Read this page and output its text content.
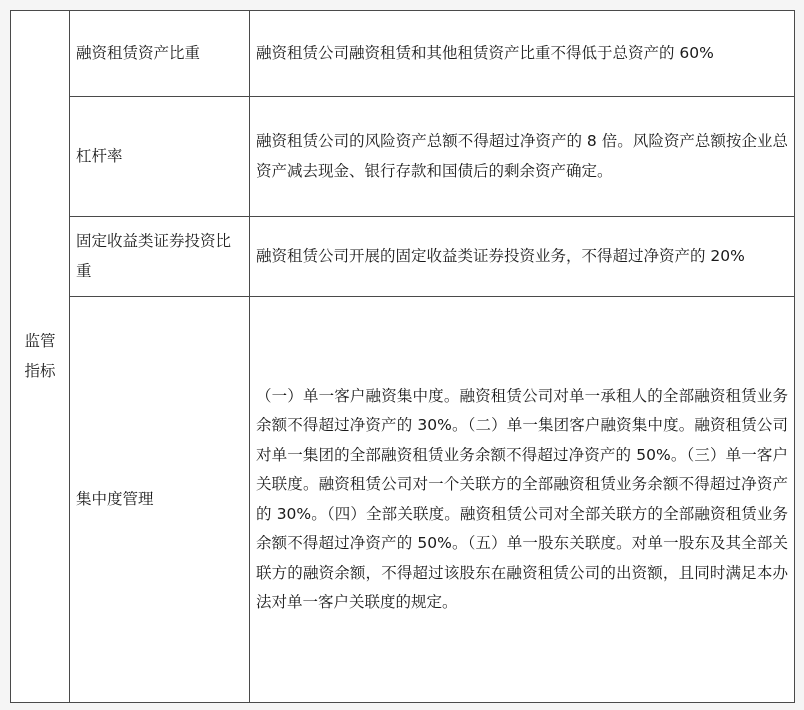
监管
指标	融资租赁资产比重	融资租赁公司融资租赁和其他租赁资产比重不得低于总资产的 60%
	杠杆率	融资租赁公司的风险资产总额不得超过净资产的 8 倍。风险资产总额按企业总资产减去现金、银行存款和国债后的剩余资产确定。
	固定收益类证券投资比重	融资租赁公司开展的固定收益类证券投资业务，不得超过净资产的 20%
	集中度管理	（一）单一客户融资集中度。融资租赁公司对单一承租人的全部融资租赁业务余额不得超过净资产的 30%。（二）单一集团客户融资集中度。融资租赁公司对单一集团的全部融资租赁业务余额不得超过净资产的 50%。（三）单一客户关联度。融资租赁公司对一个关联方的全部融资租赁业务余额不得超过净资产的 30%。（四）全部关联度。融资租赁公司对全部关联方的全部融资租赁业务余额不得超过净资产的 50%。（五）单一股东关联度。对单一股东及其全部关联方的融资余额，不得超过该股东在融资租赁公司的出资额，且同时满足本办法对单一客户关联度的规定。
